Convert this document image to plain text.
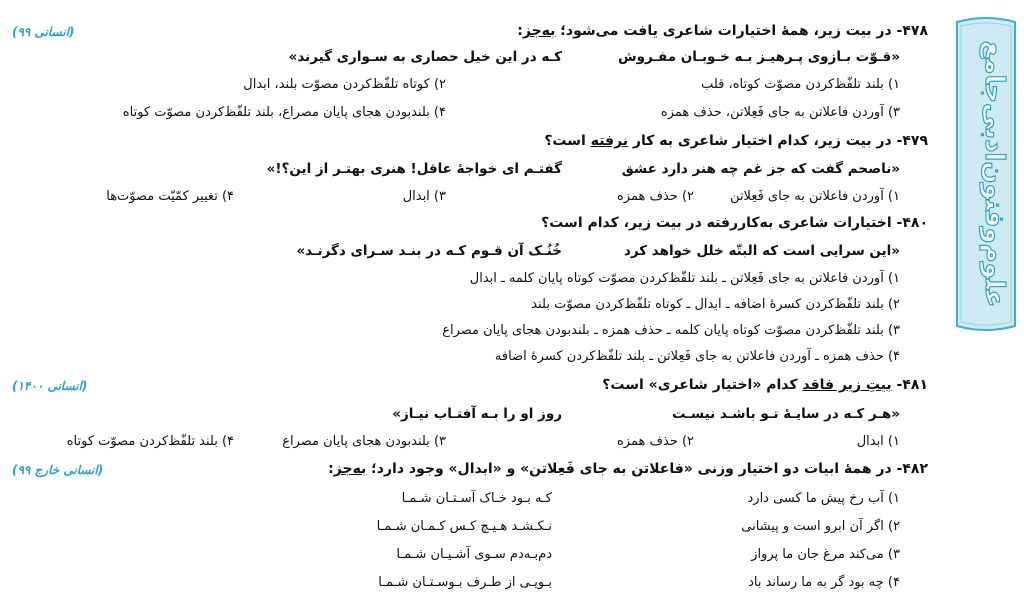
علوم‌وفنون‌ادبی‌جامع
(انسانی ۹۹)	۴۷۸- در بیت زیر، همهٔ اختیارات شاعری یافت می‌شود؛ به‌جز:
«قـوّت بـازوی پـرهیـز بـه خـوبـان مفـروش
کـه در این خیل حصاری به سـواری گیرند»
۱) بلند تلفّظ‌کردن مصوّت کوتاه، قلب
۲) کوتاه تلفّظ‌کردن مصوّت بلند، ابدال
۳) آوردن فاعلاتن به جای فَعِلاتن، حذف همزه
۴) بلندبودن هجای پایان مصراع، بلند تلفّظ‌کردن مصوّت کوتاه
۴۷۹- در بیت زیر، کدام اختیار شاعری به کار نرفته است؟
«ناصحم گفت که جز غم چه هنر دارد عشق
گفتـم ای خواجهٔ عاقل! هنری بهتـر از این؟!»
۱) آوردن فاعلاتن به جای فَعِلاتن
۲) حذف همزه
۳) ابدال
۴) تغییر کمّیّت مصوّت‌ها
۴۸۰- اختیارات شاعری به‌کاررفته در بیت زیر، کدام است؟
«این سرایی است که البتّه خلل خواهد کرد
خُنُـک آن قـوم کـه در بنـد سـرای دگرنـد»
۱) آوردن فاعلاتن به جای فَعِلاتن ـ بلند تلفّظ‌کردن مصوّت کوتاه پایان کلمه ـ ابدال
۲) بلند تلفّظ‌کردن کسرهٔ اضافه ـ ابدال ـ کوتاه تلفّظ‌کردن مصوّت بلند
۳) بلند تلفّظ‌کردن مصوّت کوتاه پایان کلمه ـ حذف همزه ـ بلندبودن هجای پایان مصراع
۴) حذف همزه ـ آوردن فاعلاتن به جای فَعِلاتن ـ بلند تلفّظ‌کردن کسرهٔ اضافه
(انسانی ۱۴۰۰)	۴۸۱- بیتِ زیر فاقد کدام «اختیار شاعری» است؟
«هـر کـه در سایـهٔ تـو باشـد نیسـت
روز او را بـه آفتـاب نیـاز»
۱) ابدال
۲) حذف همزه
۳) بلندبودن هجای پایان مصراع
۴) بلند تلفّظ‌کردن مصوّت کوتاه
(انسانی خارج ۹۹)	۴۸۲- در همهٔ ابیات دو اختیار وزنی «فاعلاتن به جای فَعِلاتن» و «ابدال» وجود دارد؛ به‌جز:
۱) آب رخ پیش ما کسی دارد
کـه بـود خـاک آسـتـان شـمـا
۲) اگر آن ابرو است و پیشانی
نـکـشـد هـیـچ کـس کـمـان شـمـا
۳) می‌کند مرغ جان ما پرواز
دم‌بـه‌دم سـوی آشـیـان شـمـا
۴) چه بود گر به ما رساند باد
بـویـی از طـرف بـوسـتـان شـمـا
